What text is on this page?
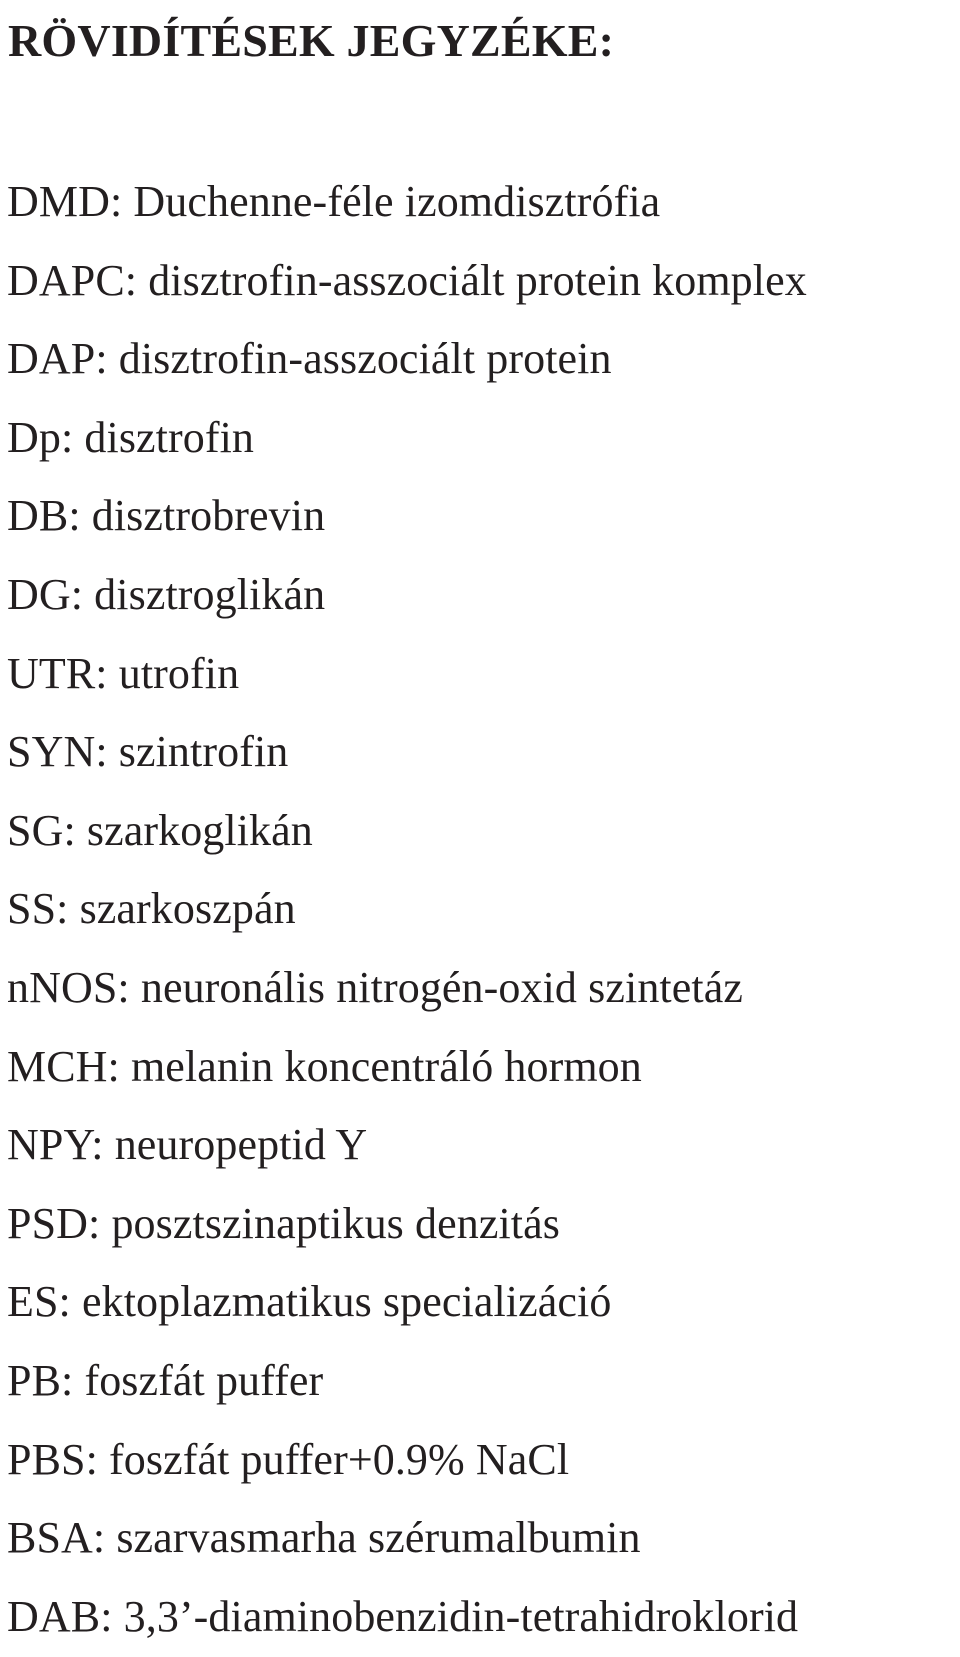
RÖVIDÍTÉSEK JEGYZÉKE:
DMD: Duchenne-féle izomdisztrófia
DAPC: disztrofin-asszociált protein komplex
DAP: disztrofin-asszociált protein
Dp: disztrofin
DB: disztrobrevin
DG: disztroglikán
UTR: utrofin
SYN: szintrofin
SG: szarkoglikán
SS: szarkoszpán
nNOS: neuronális nitrogén-oxid szintetáz
MCH: melanin koncentráló hormon
NPY: neuropeptid Y
PSD: posztszinaptikus denzitás
ES: ektoplazmatikus specializáció
PB: foszfát puffer
PBS: foszfát puffer+0.9% NaCl
BSA: szarvasmarha szérumalbumin
DAB: 3,3’-diaminobenzidin-tetrahidroklorid
